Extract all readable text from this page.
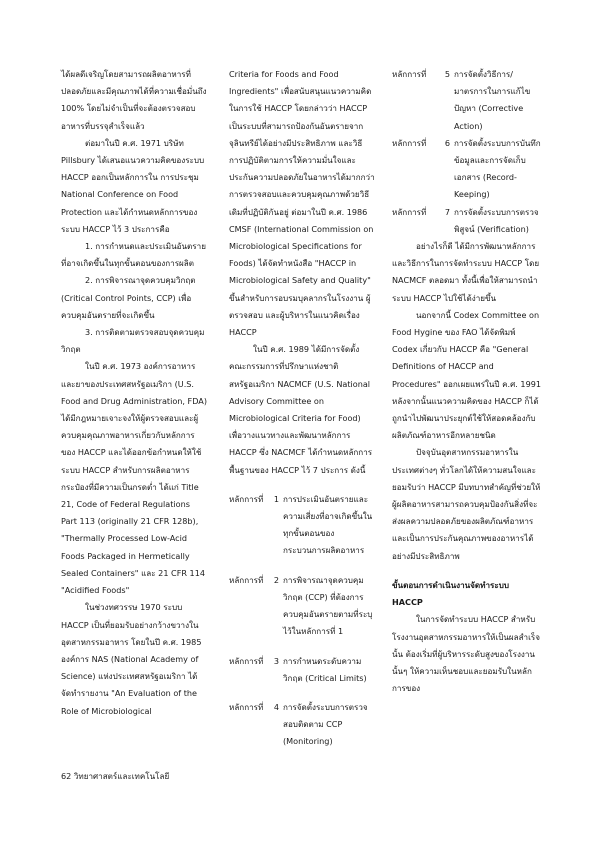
ได้ผลดีเจริญโดยสามารถผลิตอาหารที่ปลอดภัยและมีคุณภาพได้ที่ความเชื่อมั่นถึง 100% โดยไม่จำเป็นที่จะต้องตรวจสอบอาหารที่บรรจุสำเร็จแล้ว

ต่อมาในปี ค.ศ. 1971 บริษัท Pillsbury ได้เสนอแนวความคิดของระบบ HACCP ออกเป็นหลักการใน การประชุม National Conference on Food Protection และได้กำหนดหลักการของระบบ HACCP ไว้ 3 ประการคือ

1. การกำหนดและประเมินอันตรายที่อาจเกิดขึ้นในทุกขั้นตอนของการผลิต

2. การพิจารณาจุดควบคุมวิกฤต (Critical Control Points, CCP) เพื่อควบคุมอันตรายที่จะเกิดขึ้น

3. การติดตามตรวจสอบจุดควบคุมวิกฤต

ในปี ค.ศ. 1973 องค์การอาหารและยาของประเทศสหรัฐอเมริกา (U.S. Food and Drug Administration, FDA) ได้มีกฎหมายเจาะจงให้ผู้ตรวจสอบและผู้ควบคุมคุณภาพอาหารเกี่ยวกับหลักการของ HACCP และได้ออกข้อกำหนดให้ใช้ระบบ HACCP สำหรับการผลิตอาหารกระป๋องที่มีความเป็นกรดต่ำ ได้แก่ Title 21, Code of Federal Regulations Part 113 (originally 21 CFR 128b), "Thermally Processed Low-Acid Foods Packaged in Hermetically Sealed Containers" และ 21 CFR 114 "Acidified Foods"

ในช่วงทศวรรษ 1970 ระบบ HACCP เป็นที่ยอมรับอย่างกว้างขวางในอุตสาหกรรมอาหาร โดยในปี ค.ศ. 1985 องค์การ NAS (National Academy of Science) แห่งประเทศสหรัฐอเมริกา ได้จัดทำรายงาน "An Evaluation of the Role of Microbiological

Criteria for Foods and Food Ingredients" เพื่อสนับสนุนแนวความคิดในการใช้ HACCP โดยกล่าวว่า HACCP เป็นระบบที่สามารถป้องกันอันตรายจากจุลินทรีย์ได้อย่างมีประสิทธิภาพ และวิธีการปฏิบัติตามการให้ความมั่นใจและประกันความปลอดภัยในอาหารได้มากกว่าการตรวจสอบและควบคุมคุณภาพด้วยวิธีเดิมที่ปฏิบัติกันอยู่ ต่อมาในปี ค.ศ. 1986 CMSF (International Commission on Microbiological Specifications for Foods) ได้จัดทำหนังสือ "HACCP in Microbiological Safety and Quality" ขึ้นสำหรับการอบรมบุคลากรในโรงงาน ผู้ตรวจสอบ และผู้บริหารในแนวคิดเรื่อง HACCP

ในปี ค.ศ. 1989 ได้มีการจัดตั้งคณะกรรมการที่ปรึกษาแห่งชาติสหรัฐอเมริกา NACMCF (U.S. National Advisory Committee on Microbiological Criteria for Food) เพื่อวางแนวทางและพัฒนาหลักการ HACCP ซึ่ง NACMCF ได้กำหนดหลักการพื้นฐานของ HACCP ไว้ 7 ประการ ดังนี้

หลักการที่	1 การประเมินอันตรายและความเสี่ยงที่อาจเกิดขึ้นในทุกขั้นตอนของกระบวนการผลิตอาหาร
หลักการที่	2 การพิจารณาจุดควบคุมวิกฤต (CCP) ที่ต้องการควบคุมอันตรายตามที่ระบุไว้ในหลักการที่ 1
หลักการที่	3 การกำหนดระดับความวิกฤต (Critical Limits)
หลักการที่	4 การจัดตั้งระบบการตรวจสอบติดตาม CCP (Monitoring)
หลักการที่	5 การจัดตั้งวิธีการ/มาตรการในการแก้ไขปัญหา (Corrective Action)
หลักการที่	6 การจัดตั้งระบบการบันทึกข้อมูลและการจัดเก็บเอกสาร (Record-Keeping)
หลักการที่	7 การจัดตั้งระบบการตรวจพิสูจน์ (Verification)

อย่างไรก็ดี ได้มีการพัฒนาหลักการและวิธีการในการจัดทำระบบ HACCP โดย NACMCF ตลอดมา ทั้งนี้เพื่อให้สามารถนำระบบ HACCP ไปใช้ได้ง่ายขึ้น

นอกจากนี้ Codex Committee on Food Hygine ของ FAO ได้จัดพิมพ์ Codex เกี่ยวกับ HACCP คือ "General Definitions of HACCP and Procedures" ออกเผยแพร่ในปี ค.ศ. 1991 หลังจากนั้นแนวความคิดของ HACCP ก็ได้ถูกนำไปพัฒนาประยุกต์ใช้ให้สอดคล้องกับผลิตภัณฑ์อาหารอีกหลายชนิด

ปัจจุบันอุตสาหกรรมอาหารในประเทศต่างๆ ทั่วโลกได้ให้ความสนใจและยอมรับว่า HACCP มีบทบาทสำคัญที่ช่วยให้ผู้ผลิตอาหารสามารถควบคุมป้องกันสิ่งที่จะส่งผลความปลอดภัยของผลิตภัณฑ์อาหารและเป็นการประกันคุณภาพของอาหารได้อย่างมีประสิทธิภาพ

ขั้นตอนการดำเนินงานจัดทำระบบ HACCP

ในการจัดทำระบบ HACCP สำหรับโรงงานอุตสาหกรรมอาหารให้เป็นผลสำเร็จนั้น ต้องเริ่มที่ผู้บริหารระดับสูงของโรงงานนั้นๆ ให้ความเห็นชอบและยอมรับในหลักการของ

62 วิทยาศาสตร์และเทคโนโลยี
